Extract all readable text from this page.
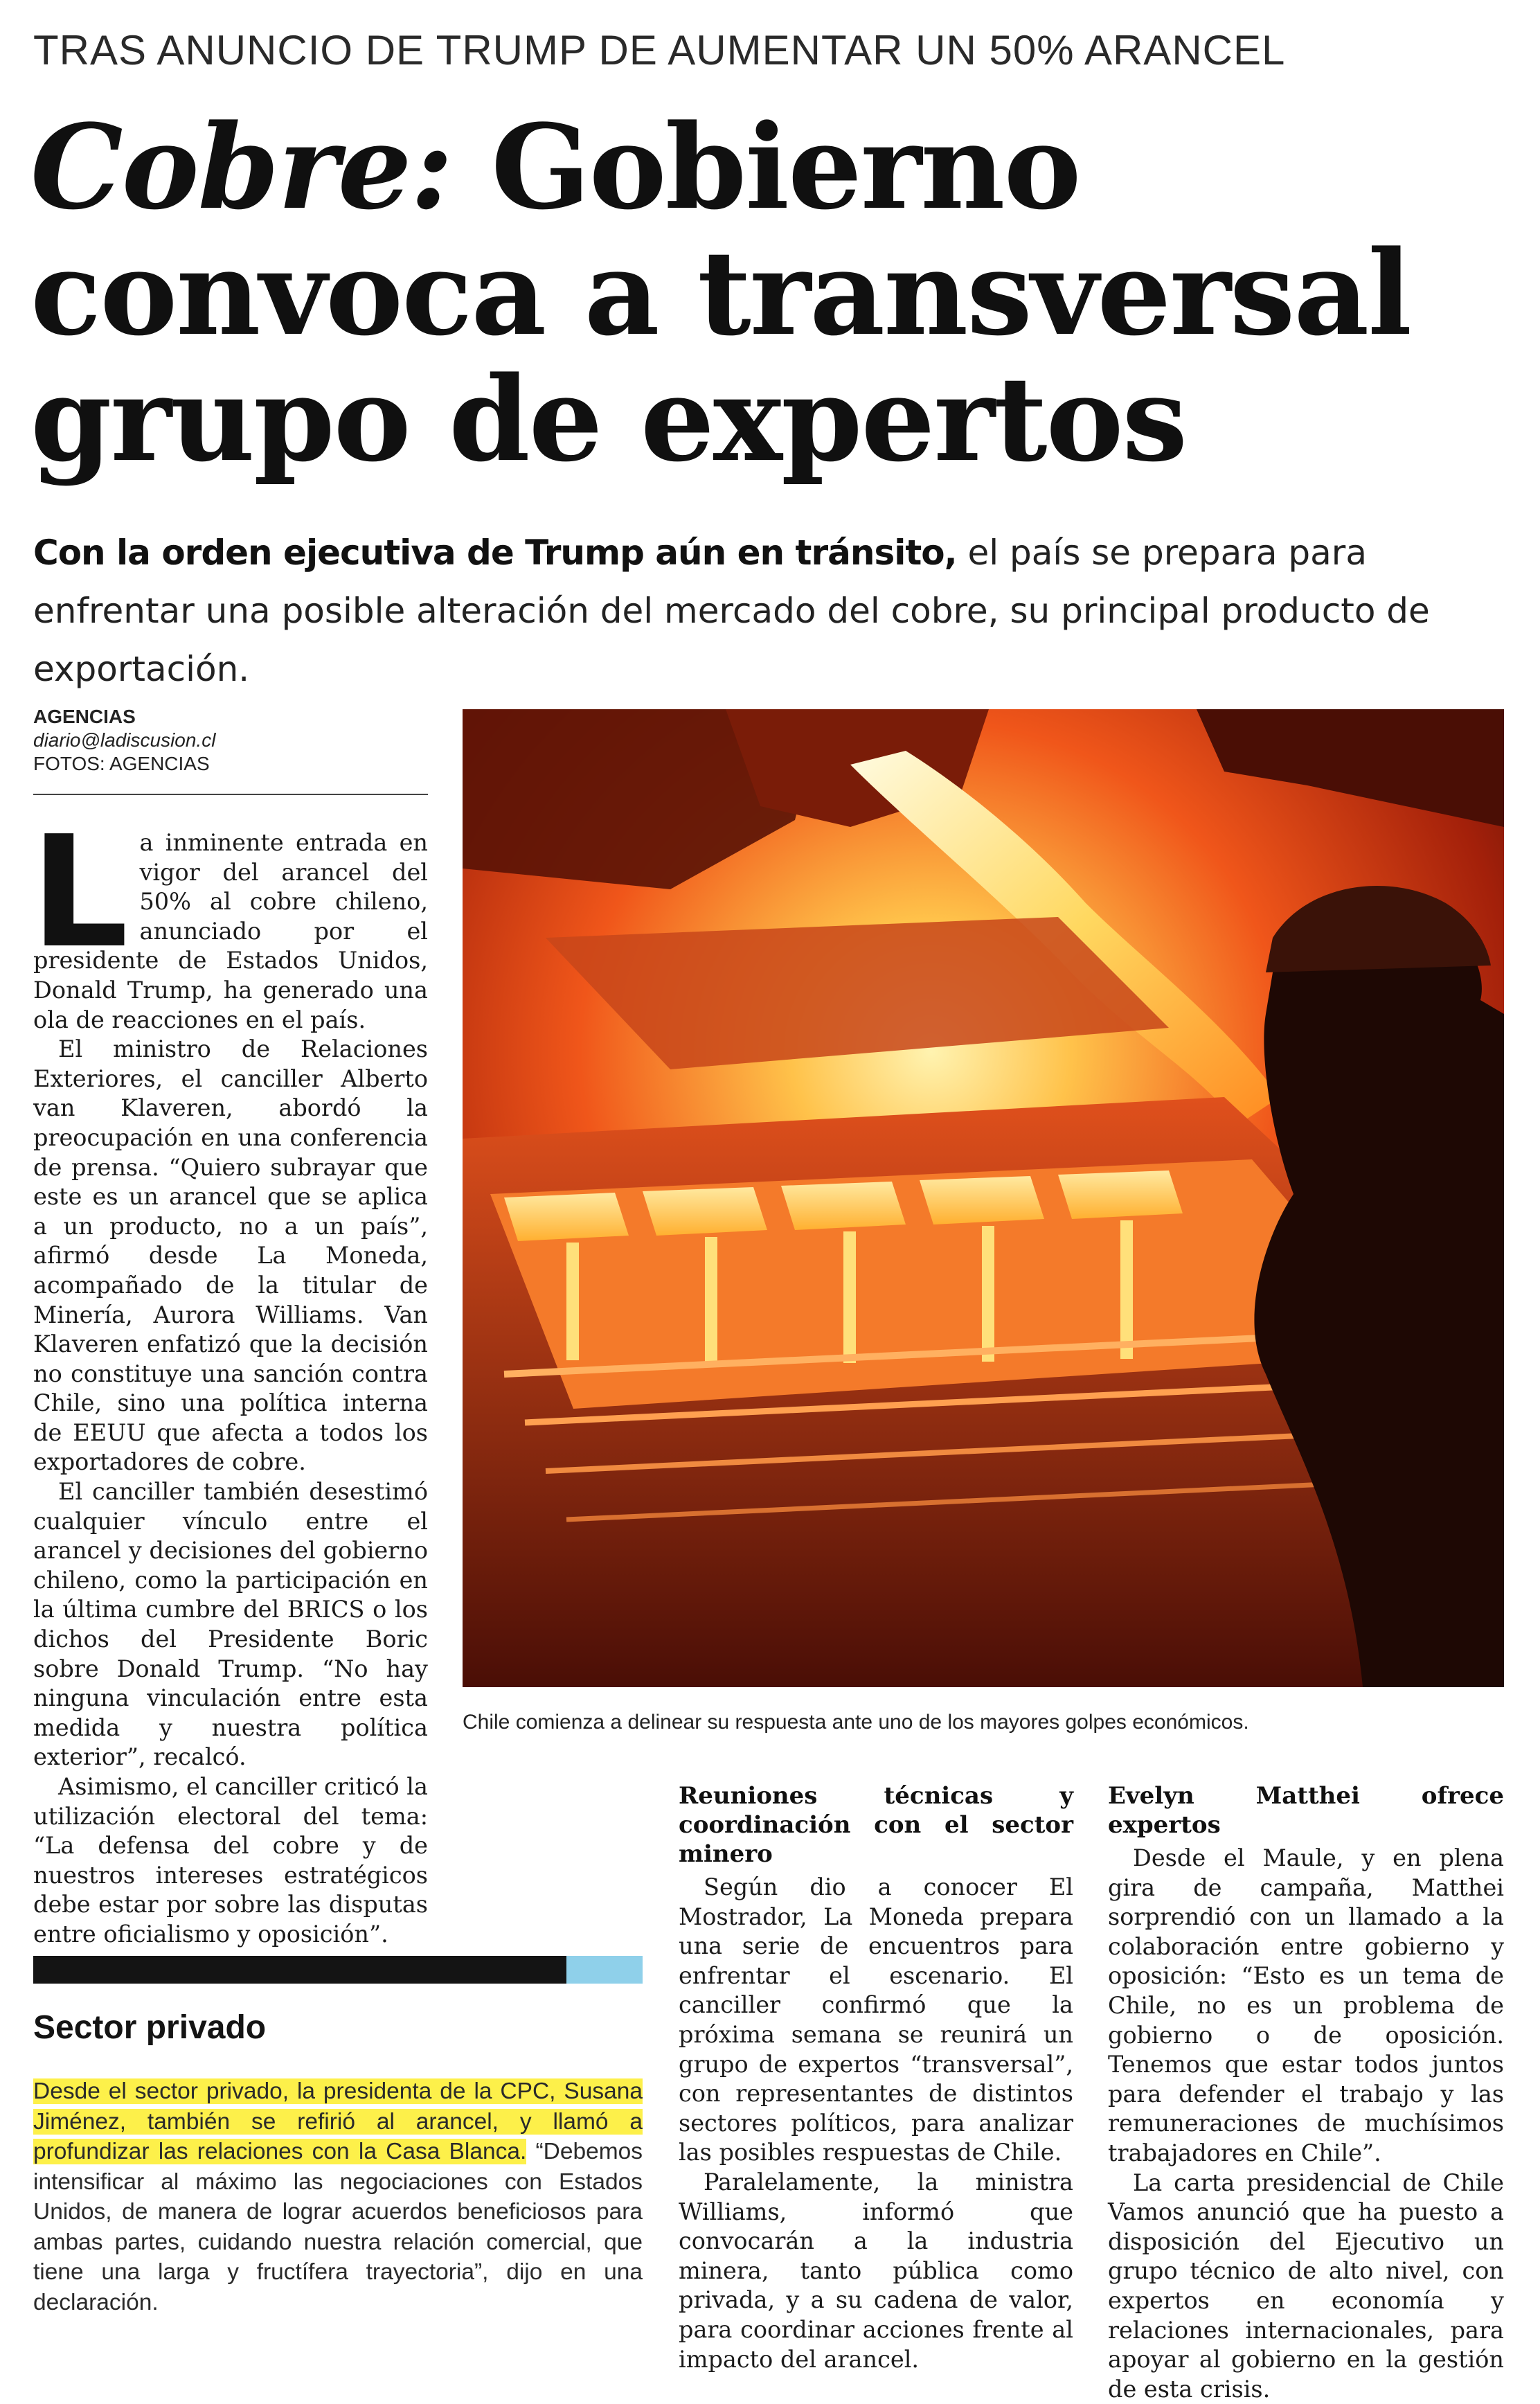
TRAS ANUNCIO DE TRUMP DE AUMENTAR UN 50% ARANCEL
Cobre: Gobierno
convoca a transversal
grupo de expertos
Con la orden ejecutiva de Trump aún en tránsito, el país se prepara para enfrentar una posible alteración del mercado del cobre, su principal producto de exportación.
AGENCIAS
diario@ladiscusion.cl
FOTOS: AGENCIAS

La inminente entrada en vigor del arancel del 50% al cobre chileno, anunciado por el presidente de Estados Unidos, Donald Trump, ha generado una ola de reacciones en el país.

El ministro de Relaciones Exteriores, el canciller Alberto van Klaveren, abordó la preocupación en una conferencia de prensa. “Quiero subrayar que este es un arancel que se aplica a un producto, no a un país”, afirmó desde La Moneda, acompañado de la titular de Minería, Aurora Williams. Van Klaveren enfatizó que la decisión no constituye una sanción contra Chile, sino una política interna de EEUU que afecta a todos los exportadores de cobre.

El canciller también desestimó cualquier vínculo entre el arancel y decisiones del gobierno chileno, como la participación en la última cumbre del BRICS o los dichos del Presidente Boric sobre Donald Trump. “No hay ninguna vinculación entre esta medida y nuestra política exterior”, recalcó.

Asimismo, el canciller criticó la utilización electoral del tema: “La defensa del cobre y de nuestros intereses estratégicos debe estar por sobre las disputas entre oficialismo y oposición”.

Chile comienza a delinear su respuesta ante uno de los mayores golpes económicos.
Reuniones técnicas y coordinación con el sector minero

Según dio a conocer El Mostrador, La Moneda prepara una serie de encuentros para enfrentar el escenario. El canciller confirmó que la próxima semana se reunirá un grupo de expertos “transversal”, con representantes de distintos sectores políticos, para analizar las posibles respuestas de Chile.

Paralelamente, la ministra Williams, informó que convocarán a la industria minera, tanto pública como privada, y a su cadena de valor, para coordinar acciones frente al impacto del arancel.

Evelyn Matthei ofrece expertos

Desde el Maule, y en plena gira de campaña, Matthei sorprendió con un llamado a la colaboración entre gobierno y oposición: “Esto es un tema de Chile, no es un problema de gobierno o de oposición. Tenemos que estar todos juntos para defender el trabajo y las remuneraciones de muchísimos trabajadores en Chile”.

La carta presidencial de Chile Vamos anunció que ha puesto a disposición del Ejecutivo un grupo técnico de alto nivel, con expertos en economía y relaciones internacionales, para apoyar al gobierno en la gestión de esta crisis.

Sector privado
Desde el sector privado, la presidenta de la CPC, Susana Jiménez, también se refirió al arancel, y llamó a profundizar las relaciones con la Casa Blanca. “Debemos intensificar al máximo las negociaciones con Estados Unidos, de manera de lograr acuerdos beneficiosos para ambas partes, cuidando nuestra relación comercial, que tiene una larga y fructífera trayectoria”, dijo en una declaración.
